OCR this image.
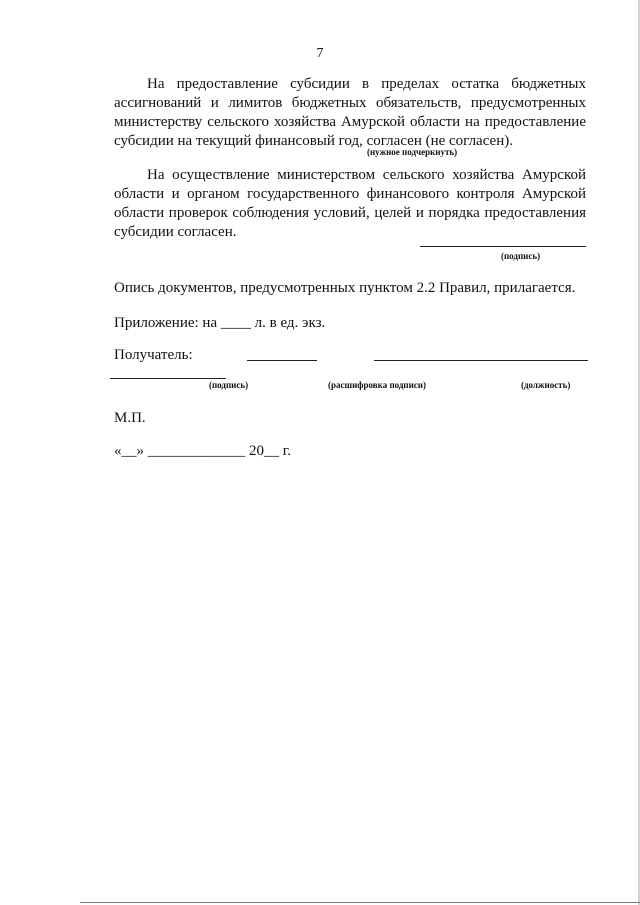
7
На предоставление субсидии в пределах остатка бюджетных
ассигнований и лимитов бюджетных обязательств, предусмотренных
министерству сельского хозяйства Амурской области на предоставление
субсидии на текущий финансовый год, согласен (не согласен).
(нужное подчеркнуть)
На осуществление министерством сельского хозяйства Амурской
области и органом государственного финансового контроля Амурской
области проверок соблюдения условий, целей и порядка предоставления
субсидии согласен.
(подпись)
Опись документов, предусмотренных пунктом 2.2 Правил, прилагается.
Приложение: на ____ л. в ед. экз.
Получатель:
(подпись)	(расшифровка подписи)	(должность)
М.П.
«__» _____________ 20__ г.
